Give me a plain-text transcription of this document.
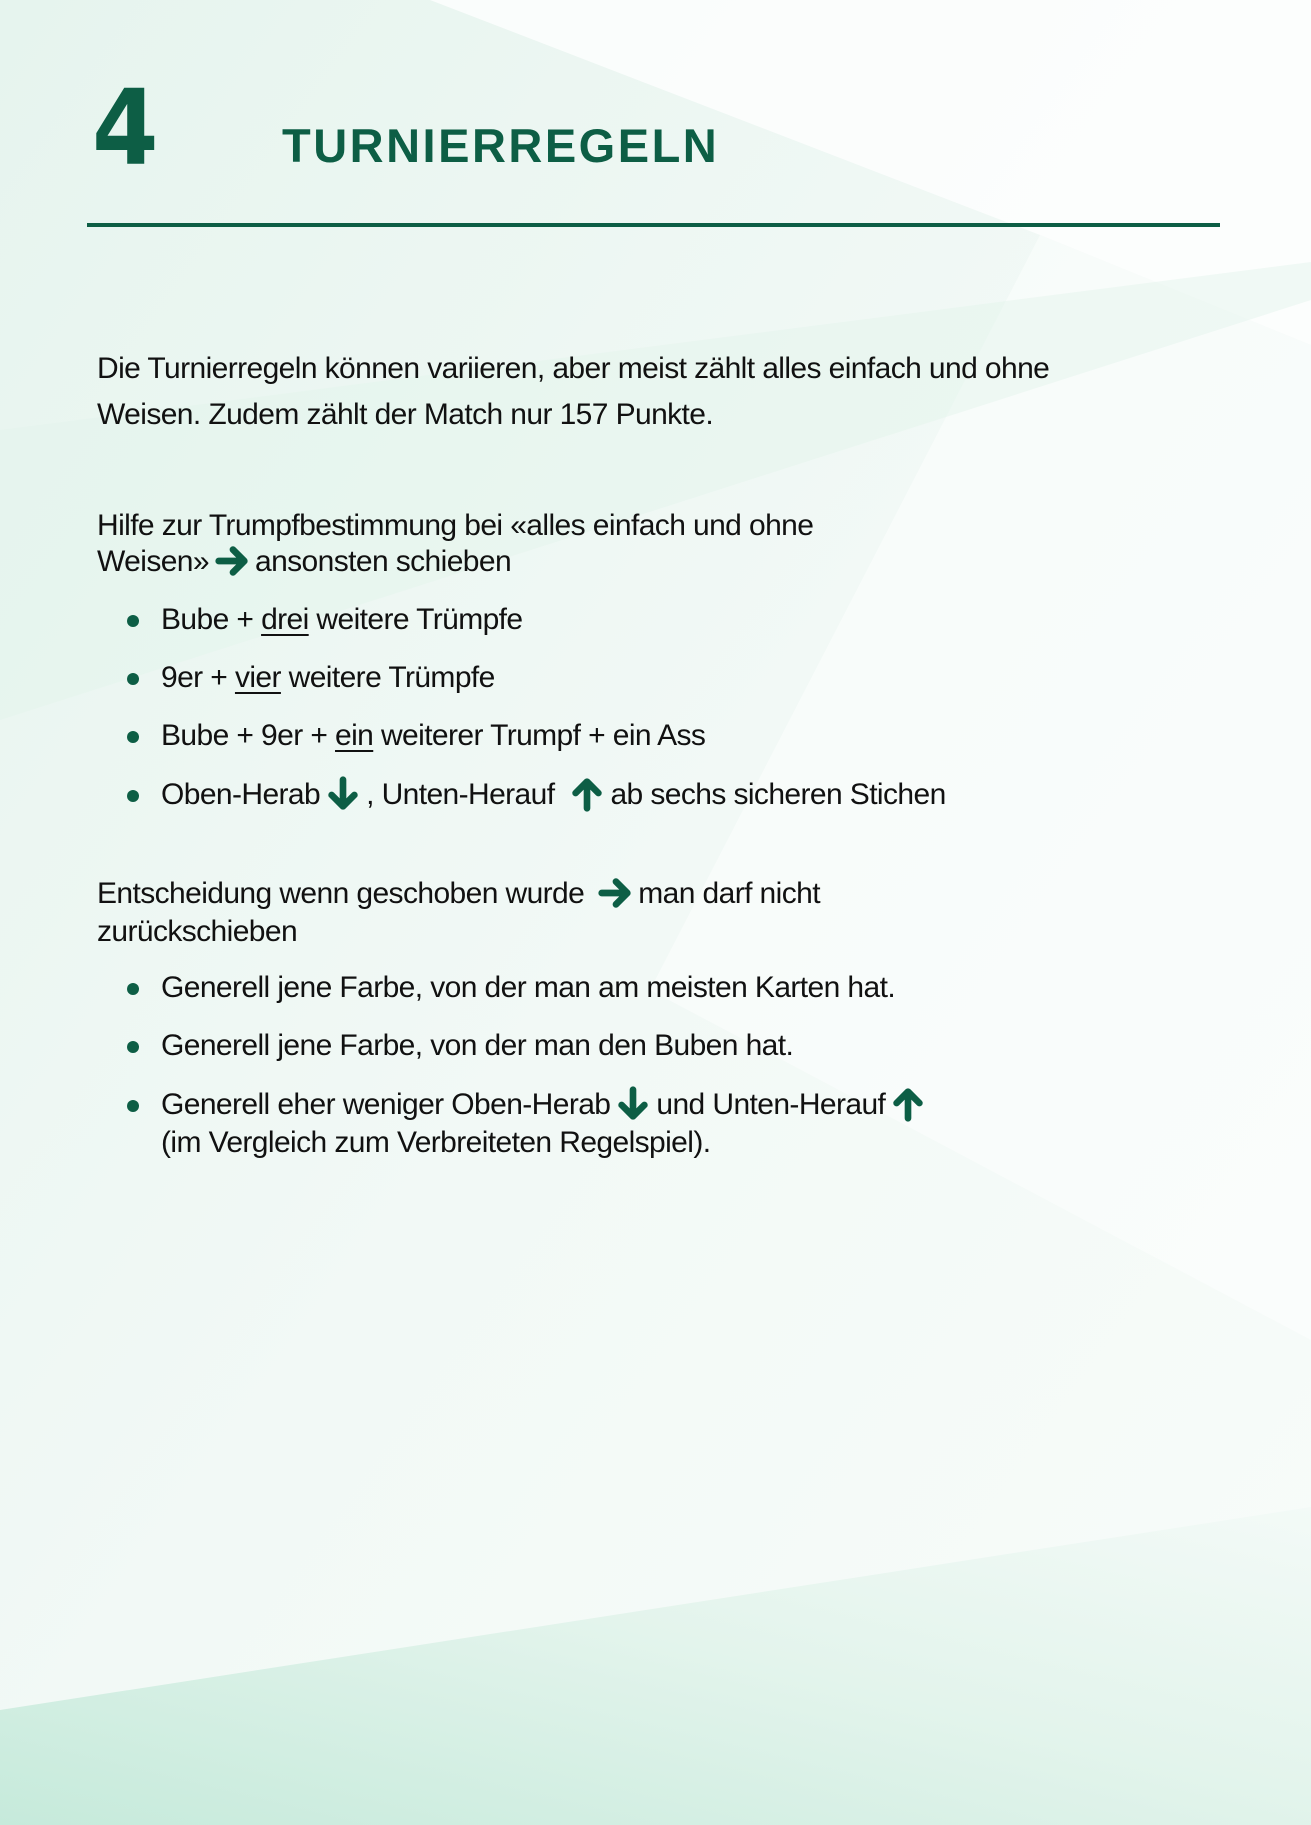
4	TURNIERREGELN
Die Turnierregeln können variieren, aber meist zählt alles einfach und ohne
Weisen. Zudem zählt der Match nur 157 Punkte.
Hilfe zur Trumpfbestimmung bei «alles einfach und ohne
Weisen» ansonsten schieben
Bube + drei weitere Trümpfe
9er + vier weitere Trümpfe
Bube + 9er + ein weiterer Trumpf + ein Ass
Oben-Herab , Unten-Herauf ab sechs sicheren Stichen
Entscheidung wenn geschoben wurde man darf nicht
zurückschieben
Generell jene Farbe, von der man am meisten Karten hat.
Generell jene Farbe, von der man den Buben hat.
Generell eher weniger Oben-Herab und Unten-Herauf

(im Vergleich zum Verbreiteten Regelspiel).
